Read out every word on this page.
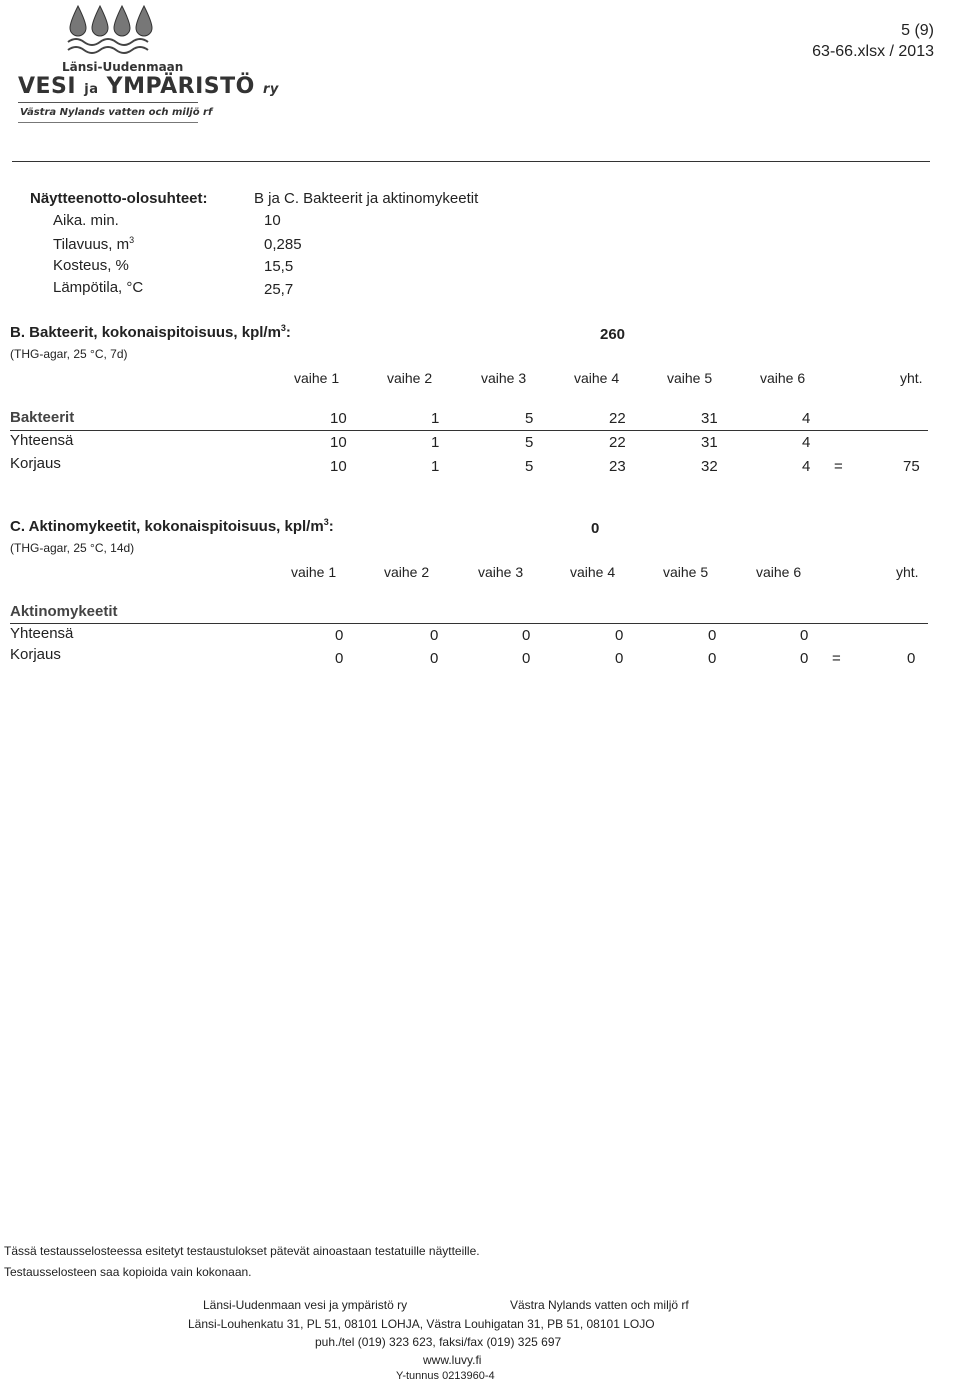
Länsi-Uudenmaan
VESI ja YMPÄRISTÖ ry
Västra Nylands vatten och miljö rf
5 (9)
63-66.xlsx / 2013
Näytteenotto-olosuhteet:	B ja C. Bakteerit ja aktinomykeetit
Aika. min.	10
Tilavuus, $m^3$	0,285
Kosteus, %	15,5
Lämpötila, °C	25,7
B. Bakteerit, kokonaispitoisuus, kpl/$m^3$:	260
(THG-agar, 25 °C, 7d)
vaihe 1	vaihe 2	vaihe 3	vaihe 4	vaihe 5	vaihe 6	yht.
Bakteerit	10	1	5	22	31	4
Yhteensä	10	1	5	22	31	4
Korjaus	10	1	5	23	32	4 =	75
C. Aktinomykeetit, kokonaispitoisuus, kpl/$m^3$:	0
(THG-agar, 25 °C, 14d)
vaihe 1	vaihe 2	vaihe 3	vaihe 4	vaihe 5	vaihe 6	yht.
Aktinomykeetit
Yhteensä	0	0	0	0	0	0
Korjaus	0	0	0	0	0	0 =	0
Tässä testausselosteessa esitetyt testaustulokset pätevät ainoastaan testatuille näytteille.
Testausselosteen saa kopioida vain kokonaan.
Länsi-Uudenmaan vesi ja ympäristö ry	Västra Nylands vatten och miljö rf
Länsi-Louhenkatu 31, PL 51, 08101 LOHJA, Västra Louhigatan 31, PB 51, 08101 LOJO
puh./tel (019) 323 623, faksi/fax (019) 325 697
www.luvy.fi
Y-tunnus 0213960-4
